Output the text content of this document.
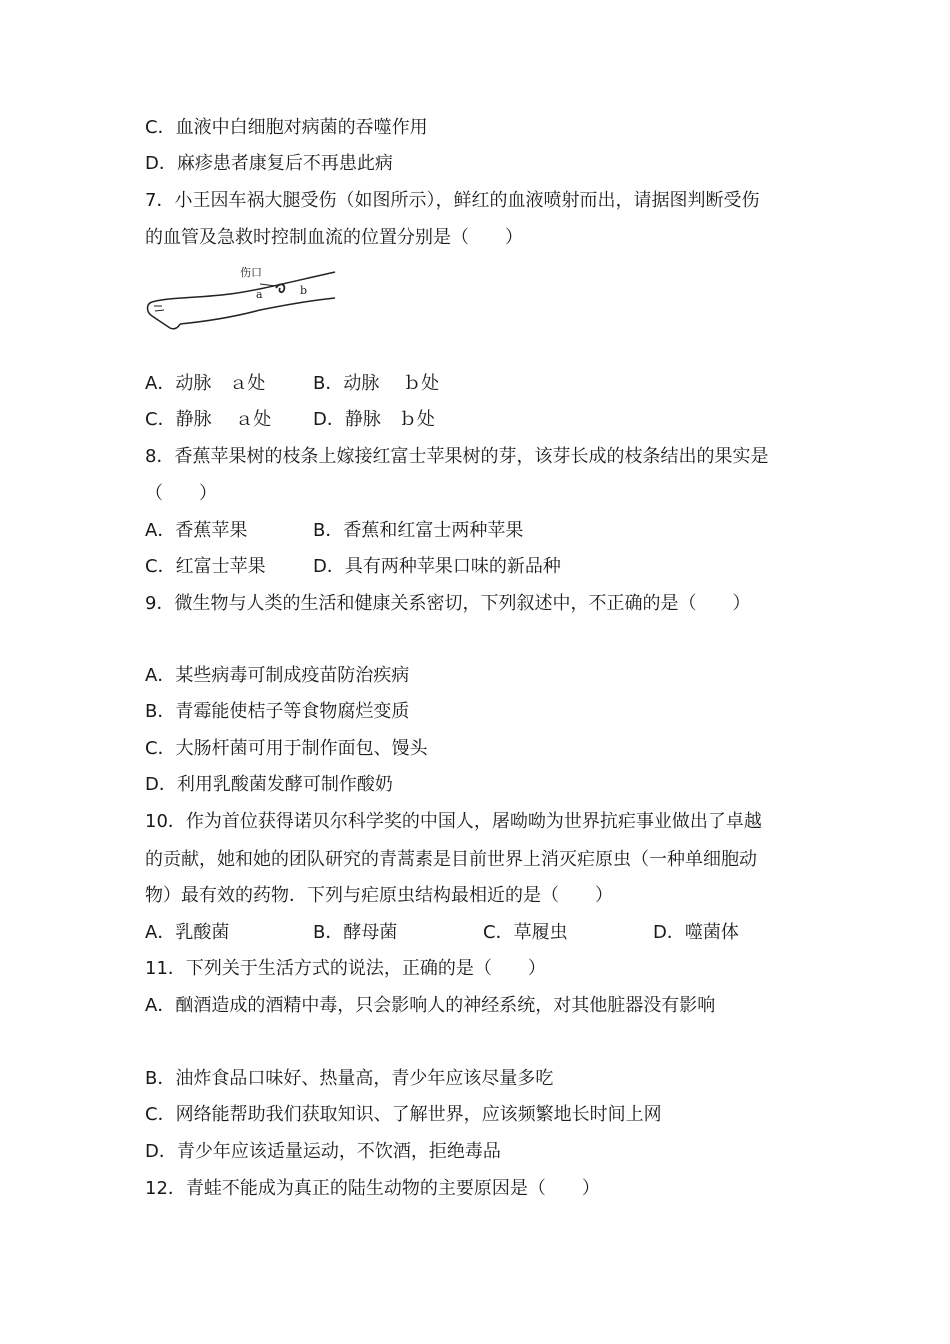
C．血液中白细胞对病菌的吞噬作用
D．麻疹患者康复后不再患此病
7．小王因车祸大腿受伤（如图所示），鲜红的血液喷射而出，请据图判断受伤
的血管及急救时控制血流的位置分别是（　　）
伤口
a	b
A．动脉　ａ处	B．动脉　 ｂ处
C．静脉　 ａ处 D．静脉　ｂ处
8．香蕉苹果树的枝条上嫁接红富士苹果树的芽，该芽长成的枝条结出的果实是
（　　）
A．香蕉苹果	B．香蕉和红富士两种苹果
C．红富士苹果	D．具有两种苹果口味的新品种
9．微生物与人类的生活和健康关系密切，下列叙述中，不正确的是（　　）
A．某些病毒可制成疫苗防治疾病
B．青霉能使桔子等食物腐烂变质
C．大肠杆菌可用于制作面包、馒头
D．利用乳酸菌发酵可制作酸奶
10．作为首位获得诺贝尔科学奖的中国人，屠呦呦为世界抗疟事业做出了卓越
的贡献，她和她的团队研究的青蒿素是目前世界上消灭疟原虫（一种单细胞动
物）最有效的药物．下列与疟原虫结构最相近的是（　　）
A．乳酸菌	B．酵母菌	C．草履虫	D．噬菌体
11．下列关于生活方式的说法，正确的是（　　）
A．酗酒造成的酒精中毒，只会影响人的神经系统，对其他脏器没有影响
B．油炸食品口味好、热量高，青少年应该尽量多吃
C．网络能帮助我们获取知识、了解世界，应该频繁地长时间上网
D．青少年应该适量运动，不饮酒，拒绝毒品
12．青蛙不能成为真正的陆生动物的主要原因是（　　）
